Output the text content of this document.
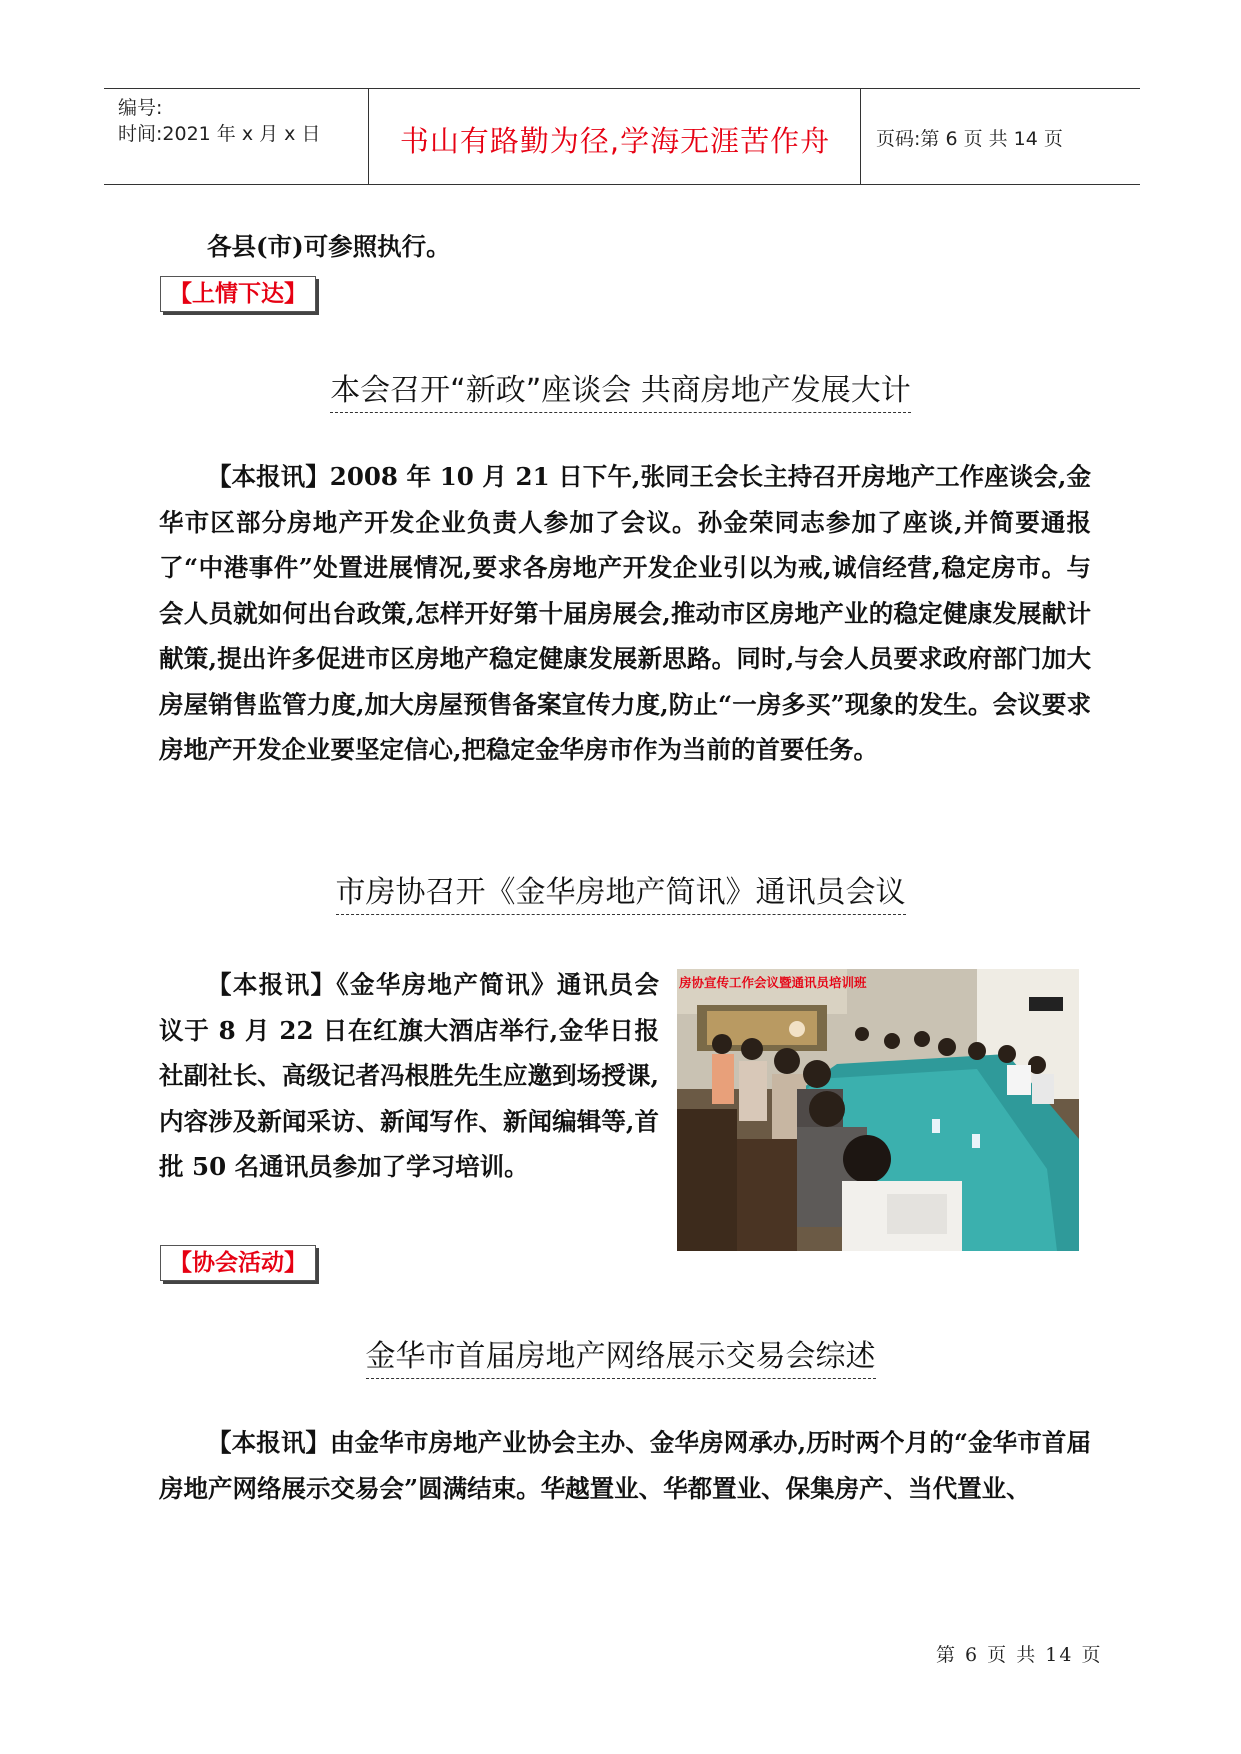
编号:
时间:2021 年 x 月 x 日	书山有路勤为径,学海无涯苦作舟	页码:第 6 页 共 14 页
各县(市)可参照执行。
【上情下达】
本会召开“新政”座谈会 共商房地产发展大计
【本报讯】2008 年 10 月 21 日下午,张同王会长主持召开房地产工作座谈会,金华市区部分房地产开发企业负责人参加了会议。孙金荣同志参加了座谈,并简要通报了“中港事件”处置进展情况,要求各房地产开发企业引以为戒,诚信经营,稳定房市。与会人员就如何出台政策,怎样开好第十届房展会,推动市区房地产业的稳定健康发展献计献策,提出许多促进市区房地产稳定健康发展新思路。同时,与会人员要求政府部门加大房屋销售监管力度,加大房屋预售备案宣传力度,防止“一房多买”现象的发生。会议要求房地产开发企业要坚定信心,把稳定金华房市作为当前的首要任务。
市房协召开《金华房地产简讯》通讯员会议
【本报讯】《金华房地产简讯》通讯员会议于 8 月 22 日在红旗大酒店举行,金华日报社副社长、高级记者冯根胜先生应邀到场授课,内容涉及新闻采访、新闻写作、新闻编辑等,首批 50 名通讯员参加了学习培训。
房协宣传工作会议暨通讯员培训班
【协会活动】
金华市首届房地产网络展示交易会综述
【本报讯】由金华市房地产业协会主办、金华房网承办,历时两个月的“金华市首届房地产网络展示交易会”圆满结束。华越置业、华都置业、保集房产、当代置业、
第 6 页 共 14 页
